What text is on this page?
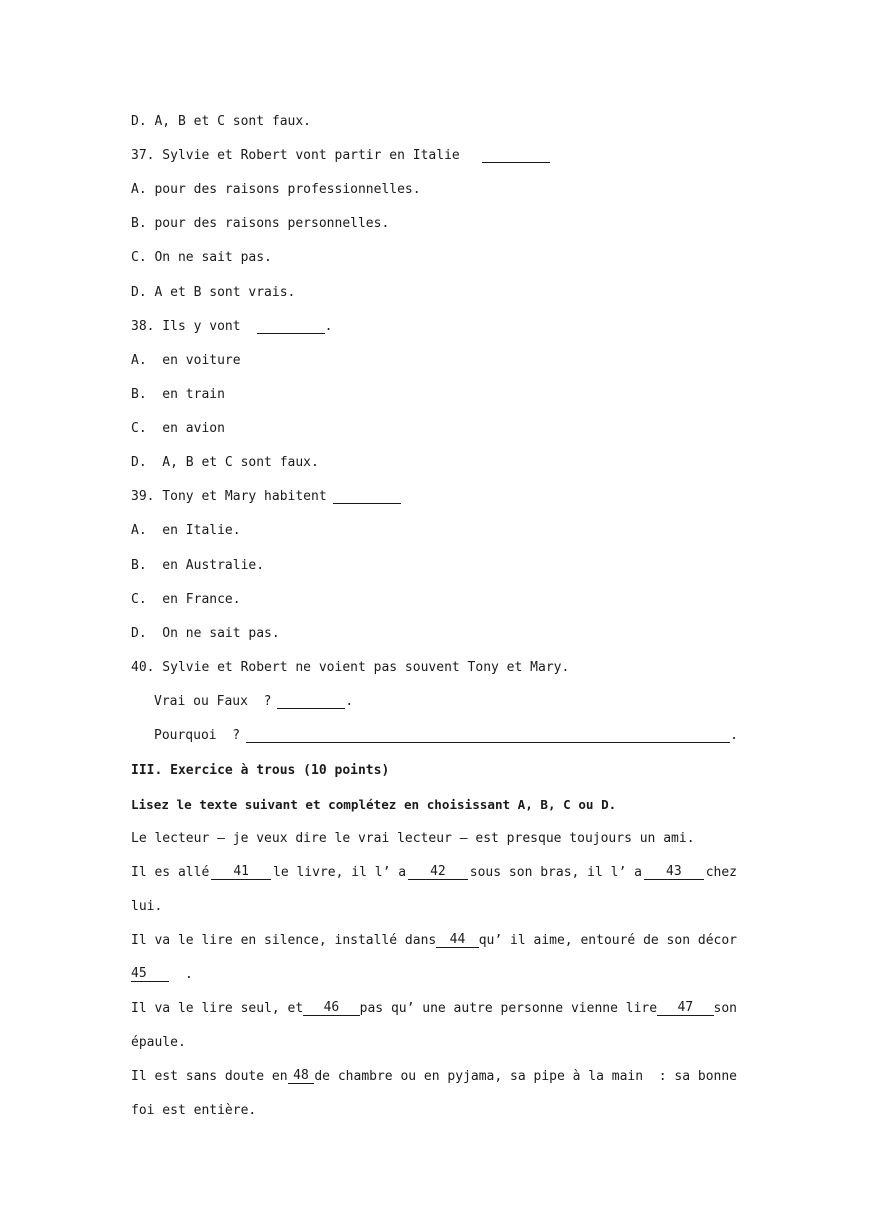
D. A, B et C sont faux.
37. Sylvie et Robert vont partir en Italie
A. pour des raisons professionnelles.
B. pour des raisons personnelles.
C. On ne sait pas.
D. A et B sont vrais.
38. Ils y vont	.
A.  en voiture
B.  en train
C.  en avion
D.  A, B et C sont faux.
39. Tony et Mary habitent
A.  en Italie.
B.  en Australie.
C.  en France.
D.  On ne sait pas.
40. Sylvie et Robert ne voient pas souvent Tony et Mary.
Vrai ou Faux  ?	.
Pourquoi  ?	.
III. Exercice à trous (10 points)
Lisez le texte suivant et complétez en choisissant A, B, C ou D.
Le lecteur – je veux dire le vrai lecteur – est presque toujours un ami.
Il es allé	41	le livre, il l’ a	42	sous son bras, il l’ a	43	chez
lui.
Il va le lire en silence, installé dans	44	qu’ il aime, entouré de son décor
45	.
Il va le lire seul, et	46	pas qu’ une autre personne vienne lire	47	son
épaule.
Il est sans doute en 48 de chambre ou en pyjama, sa pipe à la main  : sa bonne
foi est entière.
